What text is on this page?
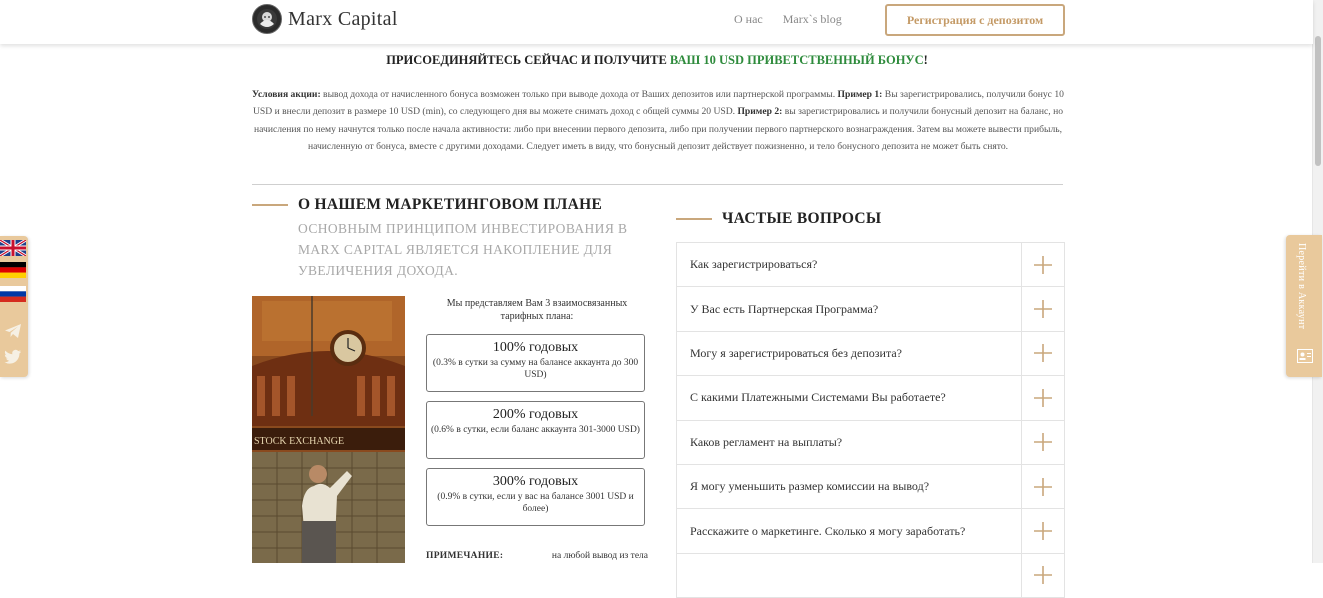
Marx Capital	О нас Marx`s blog	Регистрация с депозитом
ПРИСОЕДИНЯЙТЕСЬ СЕЙЧАС И ПОЛУЧИТЕ ВАШ 10 USD ПРИВЕТСТВЕННЫЙ БОНУС!
Условия акции: вывод дохода от начисленного бонуса возможен только при выводе дохода от Ваших депозитов или партнерской программы. Пример 1: Вы зарегистрировались, получили бонус 10 USD и внесли депозит в размере 10 USD (min), со следующего дня вы можете снимать доход с общей суммы 20 USD. Пример 2: вы зарегистрировались и получили бонусный депозит на баланс, но начисления по нему начнутся только после начала активности: либо при внесении первого депозита, либо при получении первого партнерского вознаграждения. Затем вы можете вывести прибыль, начисленную от бонуса, вместе с другими доходами. Следует иметь в виду, что бонусный депозит действует пожизненно, и тело бонусного депозита не может быть снято.
О НАШЕМ МАРКЕТИНГОВОМ ПЛАНЕ
ОСНОВНЫМ ПРИНЦИПОМ ИНВЕСТИРОВАНИЯ В MARX CAPITAL ЯВЛЯЕТСЯ НАКОПЛЕНИЕ ДЛЯ УВЕЛИЧЕНИЯ ДОХОДА.
STOCK EXCHANGE
Мы представляем Вам 3 взаимосвязанных тарифных плана:
100% годовых
(0.3% в сутки за сумму на балансе аккаунта до 300 USD)
200% годовых
(0.6% в сутки, если баланс аккаунта 301-3000 USD)
300% годовых
(0.9% в сутки, если у вас на балансе 3001 USD и более)
ПРИМЕЧАНИЕ:	на любой вывод из тела
ЧАСТЫЕ ВОПРОСЫ
Как зарегистрироваться?
У Вас есть Партнерская Программа?
Могу я зарегистрироваться без депозита?
С какими Платежными Системами Вы работаете?
Каков регламент на выплаты?
Я могу уменьшить размер комиссии на вывод?
Расскажите о маркетинге. Сколько я могу заработать?
Перейти в Аккаунт
